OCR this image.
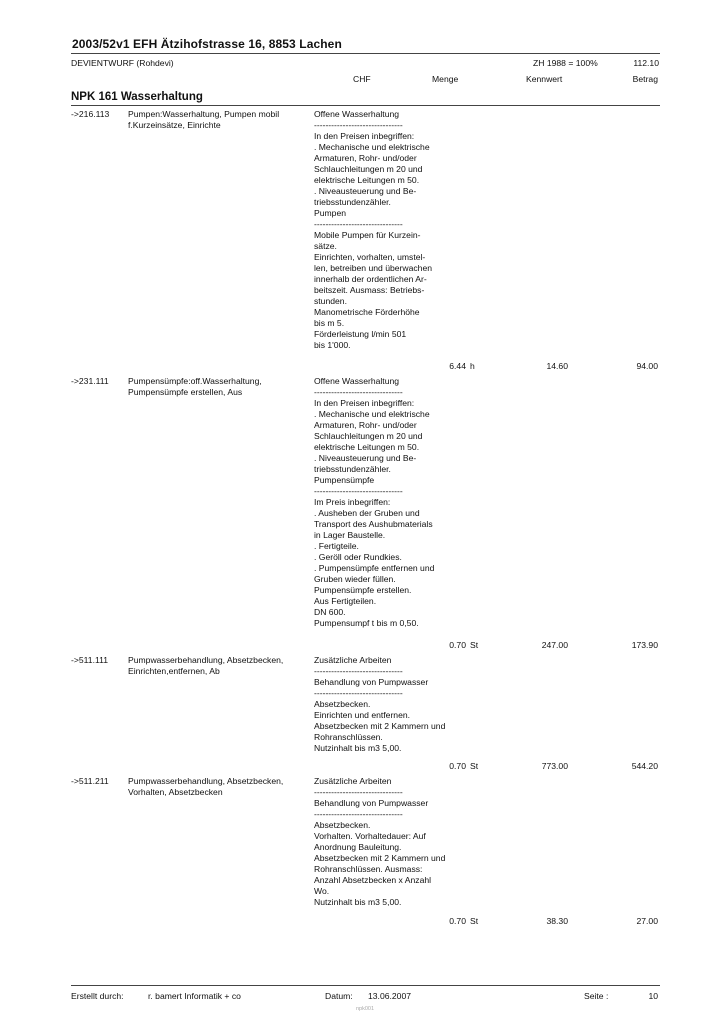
2003/52v1 EFH Ätzihofstrasse 16, 8853 Lachen
DEVIENTWURF (Rohdevi)	ZH 1988 = 100%	112.10
CHF	Menge	Kennwert	Betrag
NPK 161 Wasserhaltung
->216.113 Pumpen:Wasserhaltung, Pumpen mobil f.Kurzeinsätze, Einrichte
Offene Wasserhaltung
-------------------------------
In den Preisen inbegriffen:
. Mechanische und elektrische
Armaturen, Rohr- und/oder
Schlauchleitungen m 20 und
elektrische Leitungen m 50.
. Niveausteuerung und Be-
triebsstundenzähler.
Pumpen
-------------------------------
Mobile Pumpen für Kurzein-
sätze.
Einrichten, vorhalten, umstel-
len, betreiben und überwachen
innerhalb der ordentlichen Ar-
beitszeit. Ausmass: Betriebs-
stunden.
Manometrische Förderhöhe
bis m 5.
Förderleistung l/min 501
bis 1'000.
6.44 h	14.60	94.00
->231.111 Pumpensümpfe:off.Wasserhaltung, Pumpensümpfe erstellen, Aus
Offene Wasserhaltung
-------------------------------
In den Preisen inbegriffen:
. Mechanische und elektrische
Armaturen, Rohr- und/oder
Schlauchleitungen m 20 und
elektrische Leitungen m 50.
. Niveausteuerung und Be-
triebsstundenzähler.
Pumpensümpfe
-------------------------------
Im Preis inbegriffen:
. Ausheben der Gruben und
Transport des Aushubmaterials
in Lager Baustelle.
. Fertigteile.
. Geröll oder Rundkies.
. Pumpensümpfe entfernen und
Gruben wieder füllen.
Pumpensümpfe erstellen.
Aus Fertigteilen.
DN 600.
Pumpensumpf t bis m 0,50.
0.70 St	247.00	173.90
->511.111 Pumpwasserbehandlung, Absetzbecken, Einrichten,entfernen, Ab
Zusätzliche Arbeiten
-------------------------------
Behandlung von Pumpwasser
-------------------------------
Absetzbecken.
Einrichten und entfernen.
Absetzbecken mit 2 Kammern und
Rohranschlüssen.
Nutzinhalt bis m3 5,00.
0.70 St	773.00	544.20
->511.211 Pumpwasserbehandlung, Absetzbecken, Vorhalten, Absetzbecken
Zusätzliche Arbeiten
-------------------------------
Behandlung von Pumpwasser
-------------------------------
Absetzbecken.
Vorhalten. Vorhaltedauer: Auf
Anordnung Bauleitung.
Absetzbecken mit 2 Kammern und
Rohranschlüssen. Ausmass:
Anzahl Absetzbecken x Anzahl
Wo.
Nutzinhalt bis m3 5,00.
0.70 St	38.30	27.00
Erstellt durch:	r. bamert Informatik + co	Datum: 13.06.2007	Seite :	10
npk001
